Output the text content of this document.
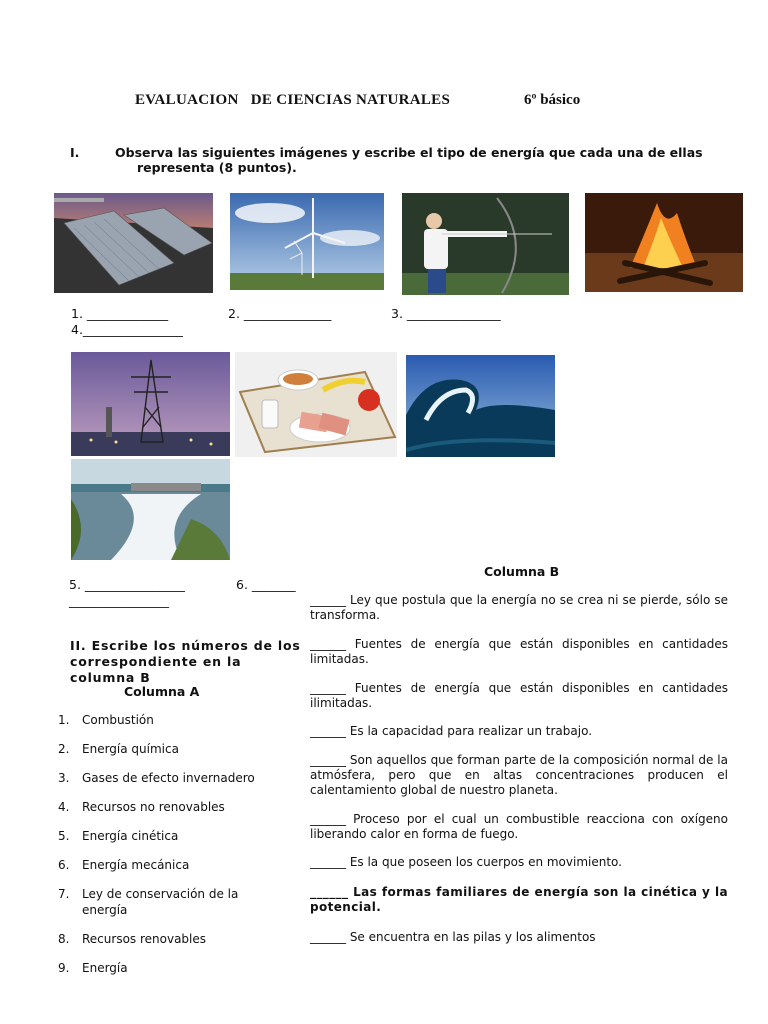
EVALUACION   DE CIENCIAS NATURALES	6º básico
I.	Observa las siguientes imágenes y escribe el tipo de energía que cada una de ellas
representa (8 puntos).
1. _____________	2. ______________	3. _______________
4.________________
5. ________________	6. _______
________________
Columna B
II. Escribe los números de los correspondiente en la columna B
Columna A
1. Combustión
2. Energía química
3. Gases de efecto invernadero
4. Recursos no renovables
5. Energía cinética
6. Energía mecánica
7. Ley de conservación de la energía
8. Recursos renovables
9. Energía
______ Ley que postula que la energía no se crea ni se pierde, sólo se transforma.
______ Fuentes de energía que están disponibles en cantidades limitadas.
______ Fuentes de energía que están disponibles en cantidades ilimitadas.
______ Es la capacidad para realizar un trabajo.
______ Son aquellos que forman parte de la composición normal de la atmósfera, pero que en altas concentraciones producen el calentamiento global de nuestro planeta.
______ Proceso por el cual un combustible reacciona con oxígeno liberando calor en forma de fuego.
______ Es la que poseen los cuerpos en movimiento.
______ Las formas familiares de energía son la cinética y la potencial.
______ Se encuentra en las pilas y los alimentos
